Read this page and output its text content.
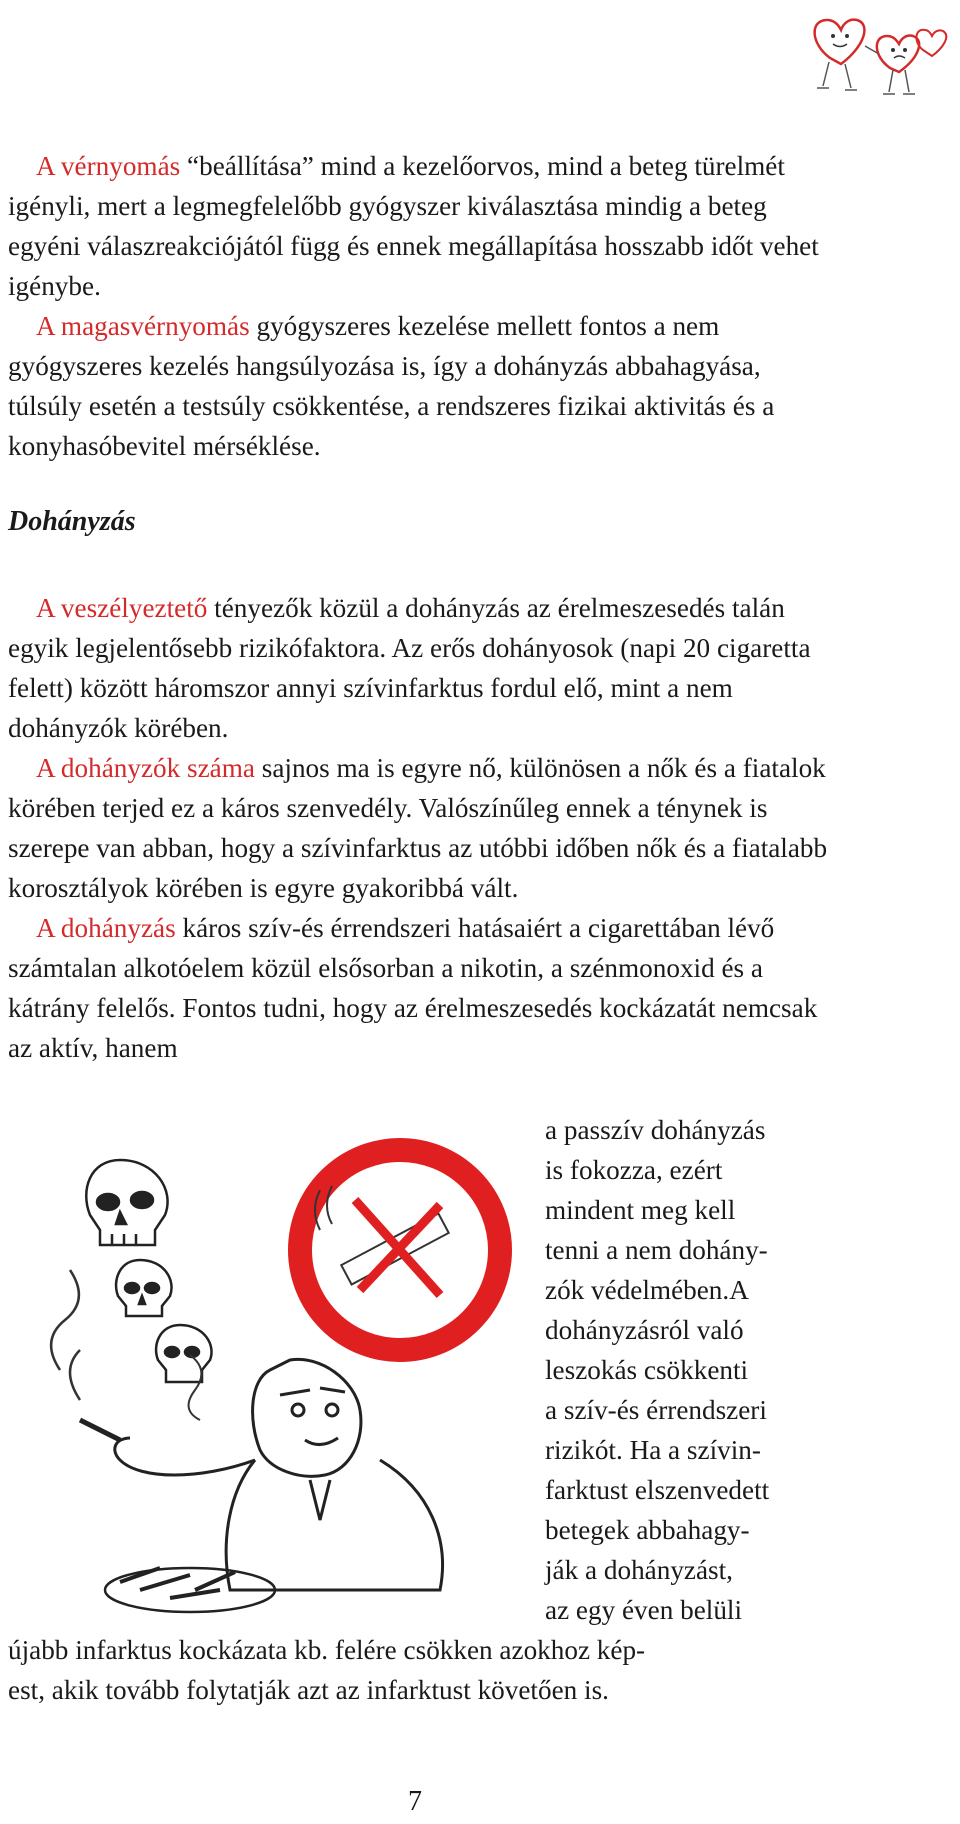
A vérnyomás “beállítása” mind a kezelőorvos, mind a beteg türelmét igényli, mert a legmegfelelőbb gyógyszer kiválasztása mindig a beteg egyéni válaszreakciójától függ és ennek megállapítása hosszabb időt vehet igénybe.

A magasvérnyomás gyógyszeres kezelése mellett fontos a nem gyógyszeres kezelés hangsúlyozása is, így a dohányzás abbahagyása, túlsúly esetén a testsúly csökkentése, a rendszeres fizikai aktivitás és a konyhasóbevitel mérséklése.

Dohányzás

A veszélyeztető tényezők közül a dohányzás az érelmeszesedés talán egyik legjelentősebb rizikófaktora. Az erős dohányosok (napi 20 cigaretta felett) között háromszor annyi szívinfarktus fordul elő, mint a nem dohányzók körében.

A dohányzók száma sajnos ma is egyre nő, különösen a nők és a fiatalok körében terjed ez a káros szenvedély. Valószínűleg ennek a ténynek is szerepe van abban, hogy a szívinfarktus az utóbbi időben nők és a fiatalabb korosztályok körében is egyre gyakoribbá vált.

A dohányzás káros szív-és érrendszeri hatásaiért a cigarettában lévő számtalan alkotóelem közül elsősorban a nikotin, a szénmonoxid és a kátrány felelős. Fontos tudni, hogy az érelmeszesedés kockázatát nemcsak az aktív, hanem

a passzív dohányzás
is fokozza, ezért
mindent meg kell
tenni a nem dohány-
zók védelmében.A
dohányzásról való
leszokás csökkenti
a szív-és érrendszeri
rizikót. Ha a szívin-
farktust elszenvedett
betegek abbahagy-
ják a dohányzást,
az egy éven belüli
újabb infarktus kockázata kb. felére csökken azokhoz kép-
est, akik tovább folytatják azt az infarktust követően is.
7
